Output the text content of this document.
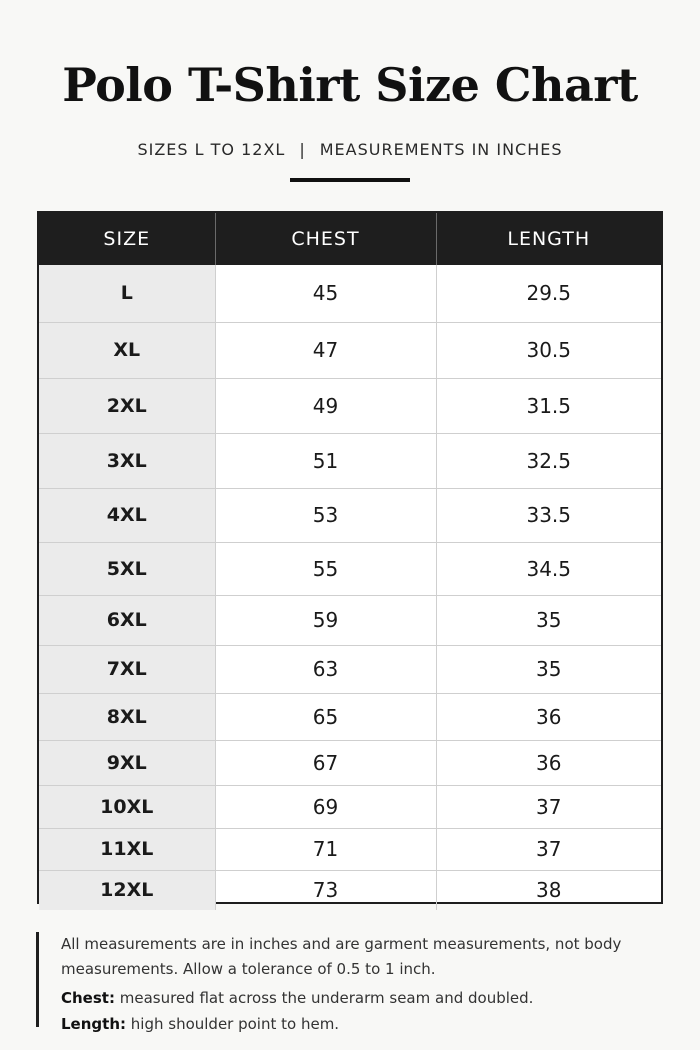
Polo T-Shirt Size Chart
SIZES L TO 12XL | MEASUREMENTS IN INCHES
SIZE	CHEST	LENGTH
L	45	29.5
XL	47	30.5
2XL	49	31.5
3XL	51	32.5
4XL	53	33.5
5XL	55	34.5
6XL	59	35
7XL	63	35
8XL	65	36
9XL	67	36
10XL	69	37
11XL	71	37
12XL	73	38

All measurements are in inches and are garment measurements, not body measurements. Allow a tolerance of 0.5 to 1 inch.

Chest: measured flat across the underarm seam and doubled.

Length: high shoulder point to hem.
